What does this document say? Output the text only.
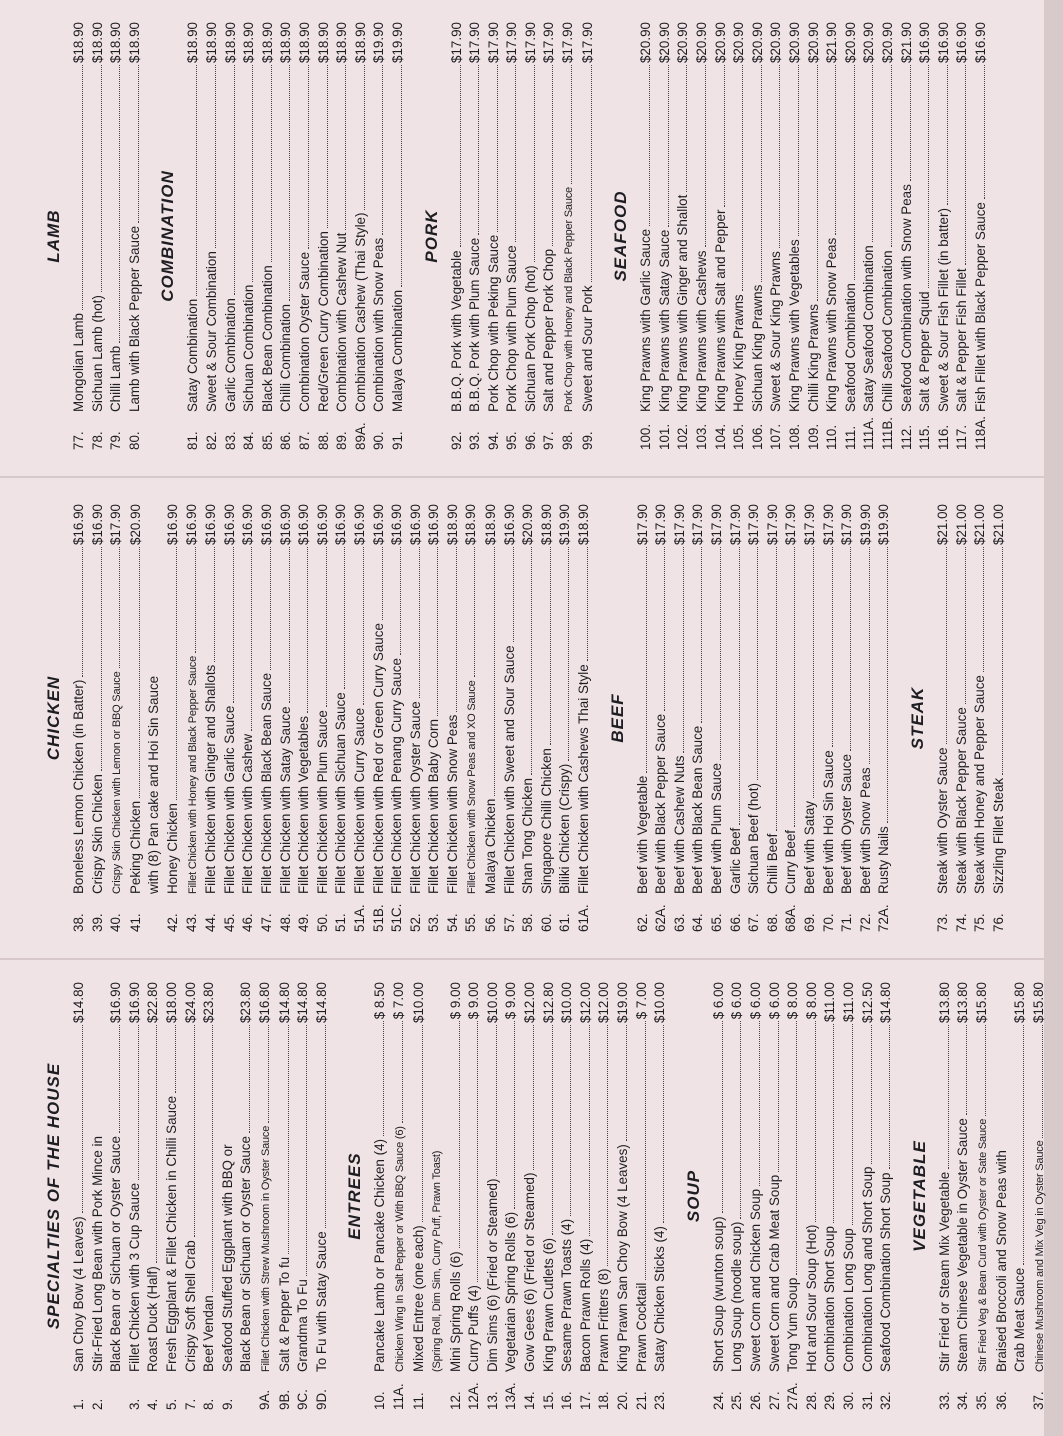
SPECIALTIES OF THE HOUSE
1.
San Choy Bow (4 Leaves)
$14.80
2.
Stir-Fried Long Bean with Pork Mince in Black Bean or Sichuan or Oyster Sauce
$16.90
3.
Fillet Chicken with 3 Cup Sauce
$16.90
4.
Roast Duck (Half)
$22.80
5.
Fresh Eggplant & Fillet Chicken in Chilli Sauce
$18.00
7.
Crispy Soft Shell Crab
$24.00
8.
Beef Vendan
$23.80
9.
Seafood Stuffed Eggplant with BBQ or Black Bean or Sichuan or Oyster Sauce
$23.80
9A.
Fillet Chicken with Strew Mushroom in Oyster Sauce
$16.80
9B.
Salt & Pepper To fu
$14.80
9C.
Grandma To Fu
$14.80
9D.
To Fu with Satay Sauce
$14.80
ENTREES
10.
Pancake Lamb or Pancake Chicken (4)
$ 8.50
11A.
Chicken Wing In Salt Pepper or With BBQ Sauce (6)
$ 7.00
11.
Mixed Entree (one each)
$10.00
(Spring Roll, Dim Sim, Curry Puff, Prawn Toast)
12.
Mini Spring Rolls (6)
$ 9.00
12A.
Curry Puffs (4)
$ 9.00
13.
Dim Sims (6) (Fried or Steamed)
$10.00
13A.
Vegetarian Spring Rolls (6)
$ 9.00
14.
Gow Gees (6) (Fried or Steamed)
$12.00
15.
King Prawn Cutlets (6)
$12.80
16.
Sesame Prawn Toasts (4)
$10.00
17.
Bacon Prawn Rolls (4)
$12.00
18.
Prawn Fritters (8)
$12.00
20.
King Prawn San Choy Bow (4 Leaves)
$19.00
21.
Prawn Cocktail
$ 7.00
23.
Satay Chicken Sticks (4)
$10.00
SOUP
24.
Short Soup (wunton soup)
$ 6.00
25.
Long Soup (noodle soup)
$ 6.00
26.
Sweet Corn and Chicken Soup
$ 6.00
27.
Sweet Corn and Crab Meat Soup
$ 6.00
27A.
Tong Yum Soup
$ 8.00
28.
Hot and Sour Soup (Hot)
$ 8.00
29.
Combination Short Soup
$11.00
30.
Combination Long Soup
$11.00
31.
Combination Long and Short Soup
$12.50
32.
Seafood Combination Short Soup
$14.80
VEGETABLE
33.
Stir Fried or Steam Mix Vegetable
$13.80
34.
Steam Chinese Vegetable in Oyster Sauce
$13.80
35.
Stir Fried Veg & Bean Curd with Oyster or Sate Sauce
$15.80
36.
Braised Broccoli and Snow Peas with Crab Meat Sauce
$15.80
37.
Chinese Mushroom and Mix Veg in Oyster Sauce
$15.80
CHICKEN
38.
Boneless Lemon Chicken (in Batter)
$16.90
39.
Crispy Skin Chicken
$16.90
40.
Crispy Skin Chicken with Lemon or BBQ Sauce
$17.90
41.
Peking Chicken
$20.90
with (8) Pan cake and Hoi Sin Sauce
42.
Honey Chicken
$16.90
43.
Fillet Chicken with Honey and Black Pepper Sauce
$16.90
44.
Fillet Chicken with Ginger and Shallots
$16.90
45.
Fillet Chicken with Garlic Sauce
$16.90
46.
Fillet Chicken with Cashew
$16.90
47.
Fillet Chicken with Black Bean Sauce
$16.90
48.
Fillet Chicken with Satay Sauce
$16.90
49.
Fillet Chicken with Vegetables
$16.90
50.
Fillet Chicken with Plum Sauce
$16.90
51.
Fillet Chicken with Sichuan Sauce
$16.90
51A.
Fillet Chicken with Curry Sauce
$16.90
51B.
Fillet Chicken with Red or Green Curry Sauce
$16.90
51C.
Fillet Chicken with Penang Curry Sauce
$16.90
52.
Fillet Chicken with Oyster Sauce
$16.90
53.
Fillet Chicken with Baby Corn
$16.90
54.
Fillet Chicken with Snow Peas
$18.90
55.
Fillet Chicken with Snow Peas and XO Sauce
$18.90
56.
Malaya Chicken
$18.90
57.
Fillet Chicken with Sweet and Sour Sauce
$16.90
58.
Shan Tong Chicken
$20.90
60.
Singapore Chilli Chicken
$18.90
61.
Biliki Chicken (Crispy)
$19.90
61A.
Fillet Chicken with Cashews Thai Style
$18.90
BEEF
62.
Beef with Vegetable
$17.90
62A.
Beef with Black Pepper Sauce
$17.90
63.
Beef with Cashew Nuts
$17.90
64.
Beef with Black Bean Sauce
$17.90
65.
Beef with Plum Sauce
$17.90
66.
Garlic Beef
$17.90
67.
Sichuan Beef (hot)
$17.90
68.
Chilli Beef
$17.90
68A.
Curry Beef
$17.90
69.
Beef with Satay
$17.90
70.
Beef with Hoi Sin Sauce
$17.90
71.
Beef with Oyster Sauce
$17.90
72.
Beef with Snow Peas
$19.90
72A.
Rusty Nails
$19.90
STEAK
73.
Steak with Oyster Sauce
$21.00
74.
Steak with Black Pepper Sauce
$21.00
75.
Steak with Honey and Pepper Sauce
$21.00
76.
Sizzling Fillet Steak
$21.00
LAMB
77.
Mongolian Lamb
$18.90
78.
Sichuan Lamb (hot)
$18.90
79.
Chilli Lamb
$18.90
80.
Lamb with Black Pepper Sauce
$18.90
COMBINATION
81.
Satay Combination
$18.90
82.
Sweet & Sour Combination
$18.90
83.
Garlic Combination
$18.90
84.
Sichuan Combination
$18.90
85.
Black Bean Combination
$18.90
86.
Chilli Combination
$18.90
87.
Combination Oyster Sauce
$18.90
88.
Red/Green Curry Combination
$18.90
89.
Combination with Cashew Nut
$18.90
89A.
Combination Cashew (Thai Style)
$18.90
90.
Combination with Snow Peas
$19.90
91.
Malaya Combination
$19.90
PORK
92.
B.B.Q. Pork with Vegetable
$17.90
93.
B.B.Q. Pork with Plum Sauce
$17.90
94.
Pork Chop with Peking Sauce
$17.90
95.
Pork Chop with Plum Sauce
$17.90
96.
Sichuan Pork Chop (hot)
$17.90
97.
Salt and Pepper Pork Chop
$17.90
98.
Pork Chop with Honey and Black Pepper Sauce
$17.90
99.
Sweet and Sour Pork
$17.90
SEAFOOD
100.
King Prawns with Garlic Sauce
$20.90
101.
King Prawns with Satay Sauce
$20.90
102.
King Prawns with Ginger and Shallot
$20.90
103.
King Prawns with Cashews
$20.90
104.
King Prawns with Salt and Pepper
$20.90
105.
Honey King Prawns
$20.90
106.
Sichuan King Prawns
$20.90
107.
Sweet & Sour King Prawns
$20.90
108.
King Prawns with Vegetables
$20.90
109.
Chilli King Prawns
$20.90
110.
King Prawns with Snow Peas
$21.90
111.
Seafood Combination
$20.90
111A.
Satay Seafood Combination
$20.90
111B.
Chilli Seafood Combination
$20.90
112.
Seafood Combination with Snow Peas
$21.90
115.
Salt & Pepper Squid
$16.90
116.
Sweet & Sour Fish Fillet (in batter)
$16.90
117.
Salt & Pepper Fish Fillet
$16.90
118A.
Fish Fillet with Black Pepper Sauce
$16.90
